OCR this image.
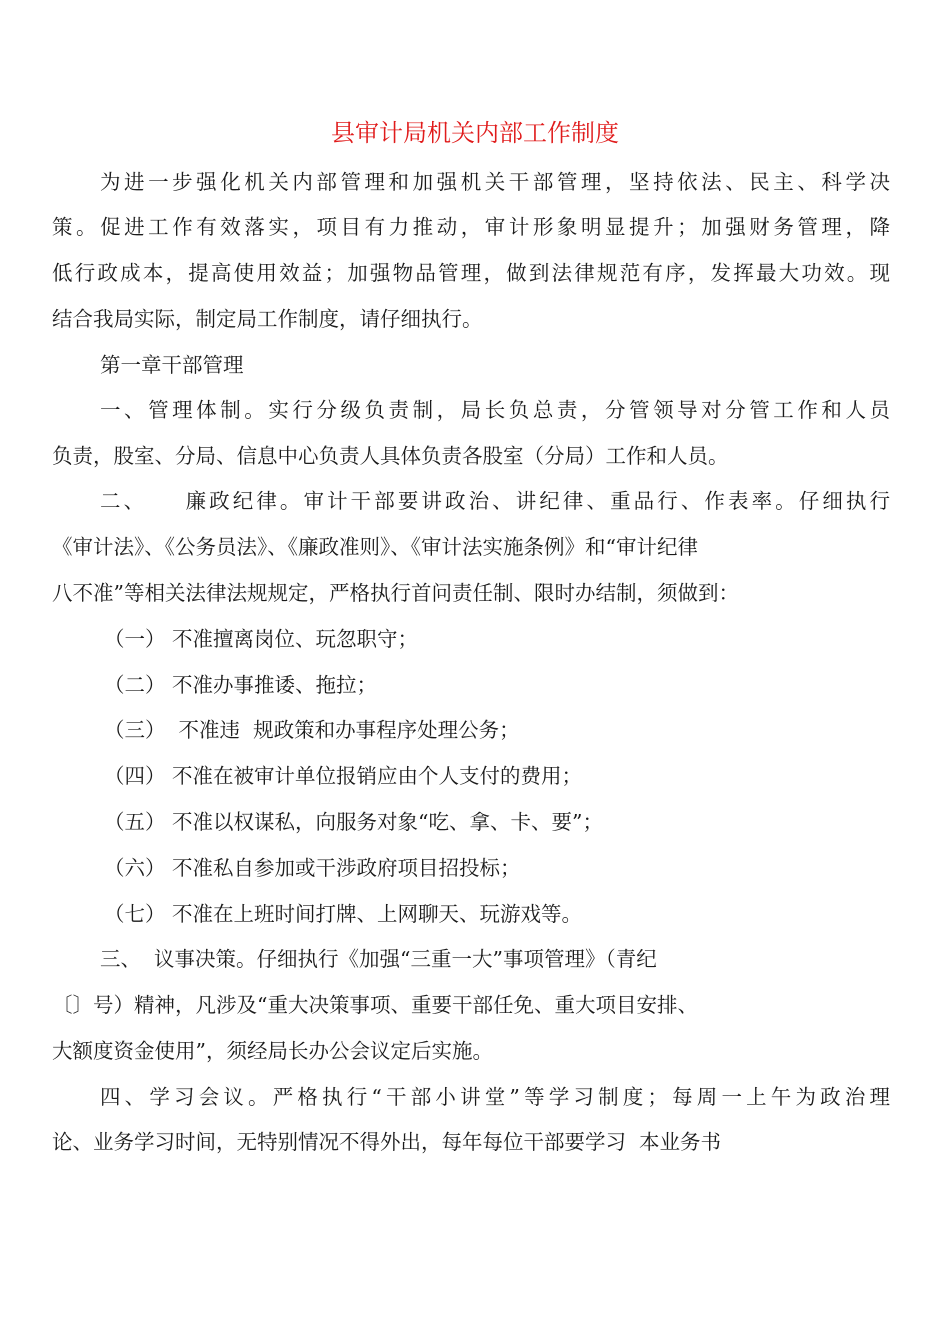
县审计局机关内部工作制度
为进一步强化机关内部管理和加强机关干部管理，坚持依法、民主、科学决
策。促进工作有效落实，项目有力推动，审计形象明显提升；加强财务管理，降
低行政成本，提高使用效益；加强物品管理，做到法律规范有序，发挥最大功效。现
结合我局实际，制定局工作制度，请仔细执行。
第一章干部管理
一、管理体制。实行分级负责制，局长负总责，分管领导对分管工作和人员
负责，股室、分局、信息中心负责人具体负责各股室（分局）工作和人员。
二、    廉政纪律。审计干部要讲政治、讲纪律、重品行、作表率。仔细执行
《审计法》、《公务员法》、《廉政准则》、《审计法实施条例》和“审计纪律
八不准”等相关法律法规规定，严格执行首问责任制、限时办结制，须做到：
（一） 不准擅离岗位、玩忽职守；
（二） 不准办事推诿、拖拉；
（三）  不准违  规政策和办事程序处理公务；
（四） 不准在被审计单位报销应由个人支付的费用；
（五） 不准以权谋私，向服务对象“吃、拿、卡、要”；
（六） 不准私自参加或干涉政府项目招投标；
（七） 不准在上班时间打牌、上网聊天、玩游戏等。
三、  议事决策。仔细执行《加强“三重一大”事项管理》（青纪
〔〕号）精神，凡涉及“重大决策事项、重要干部任免、重大项目安排、
大额度资金使用”，须经局长办公会议定后实施。
四、学习会议。严格执行“干部小讲堂”等学习制度；每周一上午为政治理
论、业务学习时间，无特别情况不得外出，每年每位干部要学习  本业务书
